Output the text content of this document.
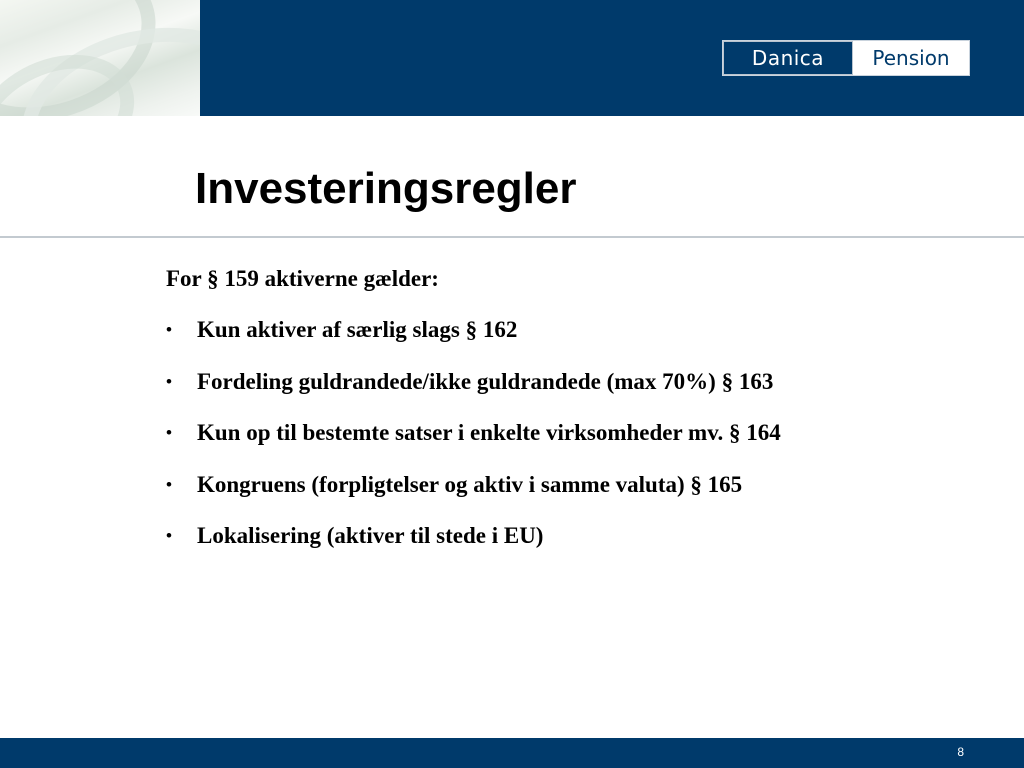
Danica	Pension
Investeringsregler

For § 159 aktiverne gælder:

• Kun aktiver af særlig slags § 162
• Fordeling guldrandede/ikke guldrandede (max 70%) § 163
• Kun op til bestemte satser i enkelte virksomheder mv. § 164
• Kongruens (forpligtelser og aktiv i samme valuta) § 165
• Lokalisering (aktiver til stede i EU)
8
